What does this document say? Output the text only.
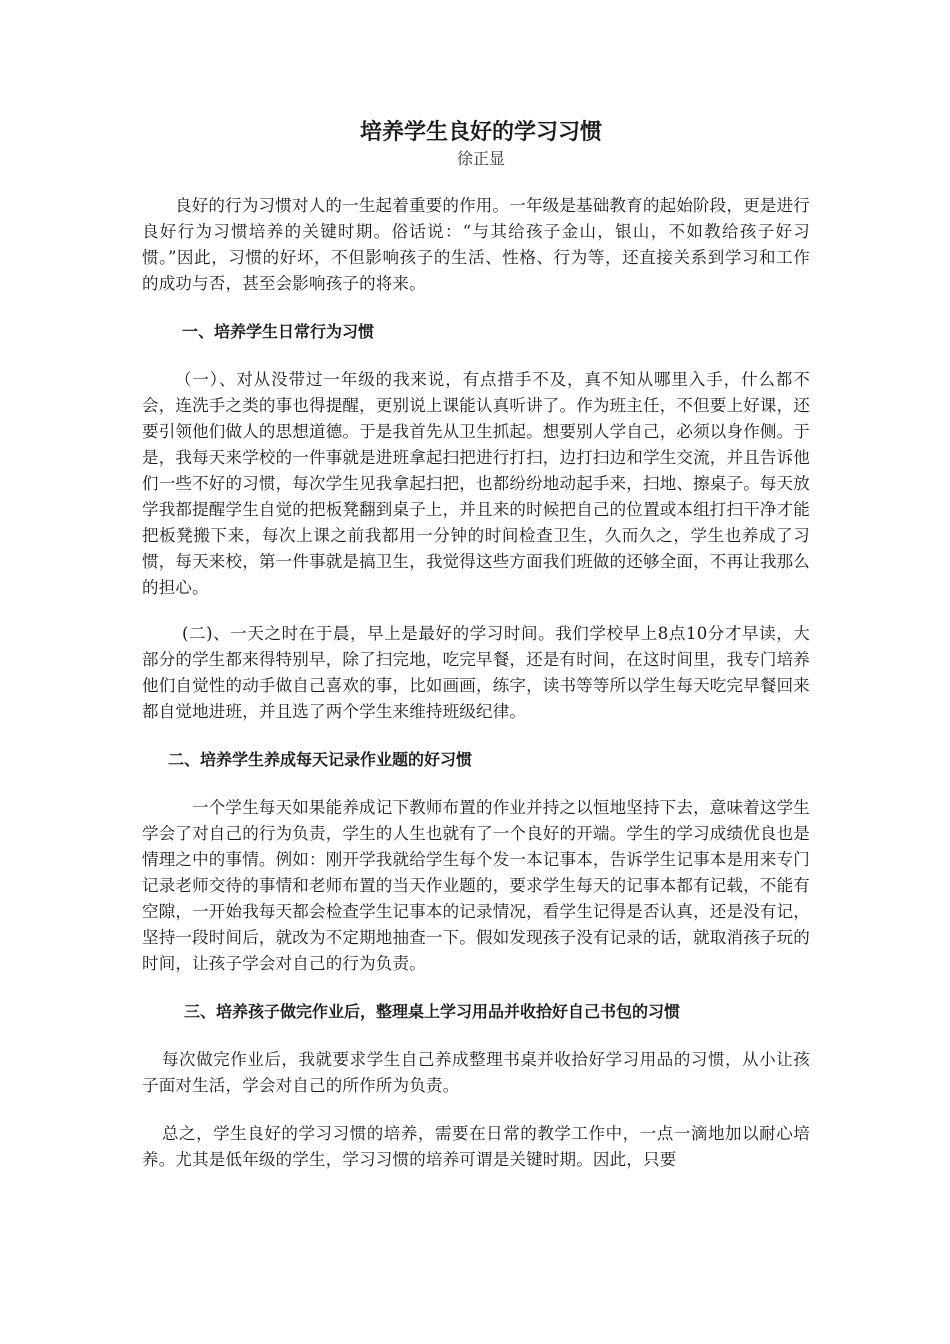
培养学生良好的学习习惯

徐正显

良好的行为习惯对人的一生起着重要的作用。一年级是基础教育的起始阶段，更是进行良好行为习惯培养的关键时期。俗话说：“与其给孩子金山，银山，不如教给孩子好习惯。”因此，习惯的好坏，不但影响孩子的生活、性格、行为等，还直接关系到学习和工作的成功与否，甚至会影响孩子的将来。

一、培养学生日常行为习惯

（一）、对从没带过一年级的我来说，有点措手不及，真不知从哪里入手，什么都不会，连洗手之类的事也得提醒，更别说上课能认真听讲了。作为班主任，不但要上好课，还要引领他们做人的思想道德。于是我首先从卫生抓起。想要别人学自己，必须以身作侧。于是，我每天来学校的一件事就是进班拿起扫把进行打扫，边打扫边和学生交流，并且告诉他们一些不好的习惯，每次学生见我拿起扫把，也都纷纷地动起手来，扫地、擦桌子。每天放学我都提醒学生自觉的把板凳翻到桌子上，并且来的时候把自己的位置或本组打扫干净才能把板凳搬下来，每次上课之前我都用一分钟的时间检查卫生，久而久之，学生也养成了习惯，每天来校，第一件事就是搞卫生，我觉得这些方面我们班做的还够全面，不再让我那么的担心。

(二)、一天之时在于晨，早上是最好的学习时间。我们学校早上8点10分才早读，大部分的学生都来得特别早，除了扫完地，吃完早餐，还是有时间，在这时间里，我专门培养他们自觉性的动手做自己喜欢的事，比如画画，练字，读书等等所以学生每天吃完早餐回来都自觉地进班，并且选了两个学生来维持班级纪律。

二、培养学生养成每天记录作业题的好习惯

一个学生每天如果能养成记下教师布置的作业并持之以恒地坚持下去，意味着这学生学会了对自己的行为负责，学生的人生也就有了一个良好的开端。学生的学习成绩优良也是情理之中的事情。例如：刚开学我就给学生每个发一本记事本，告诉学生记事本是用来专门记录老师交待的事情和老师布置的当天作业题的，要求学生每天的记事本都有记载，不能有空隙，一开始我每天都会检查学生记事本的记录情况，看学生记得是否认真，还是没有记，坚持一段时间后，就改为不定期地抽查一下。假如发现孩子没有记录的话，就取消孩子玩的时间，让孩子学会对自己的行为负责。

三、培养孩子做完作业后，整理桌上学习用品并收拾好自己书包的习惯

每次做完作业后，我就要求学生自己养成整理书桌并收拾好学习用品的习惯，从小让孩子面对生活，学会对自己的所作所为负责。

总之，学生良好的学习习惯的培养，需要在日常的教学工作中，一点一滴地加以耐心培养。尤其是低年级的学生，学习习惯的培养可谓是关键时期。因此，只要
